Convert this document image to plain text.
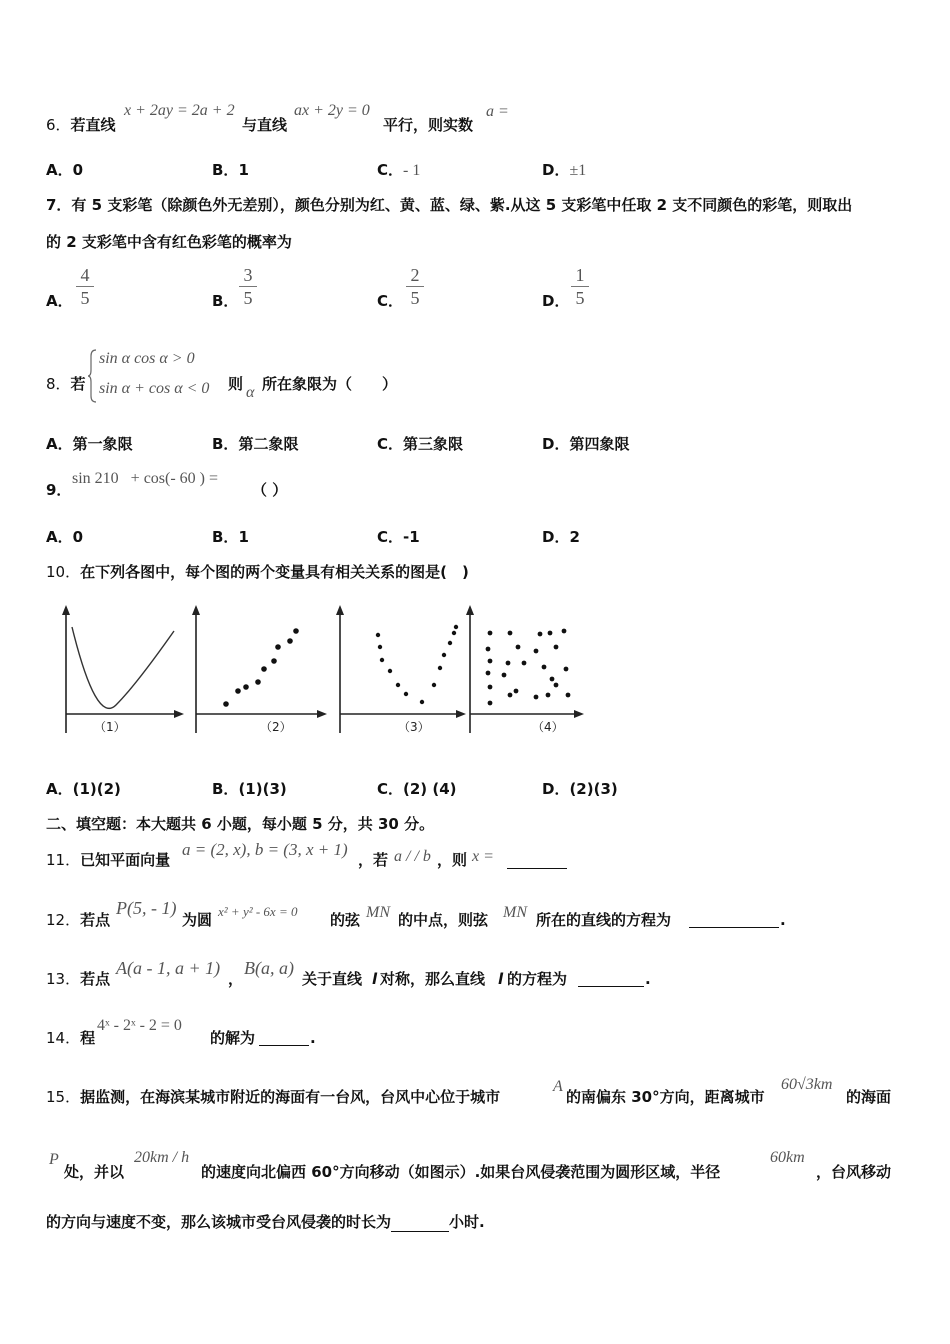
6．若直线
x + 2ay = 2a + 2
与直线
ax + 2y = 0
平行，则实数
a =
A．0	B．1	C．- 1	D．±1
7．有 5 支彩笔（除颜色外无差别），颜色分别为红、黄、蓝、绿、紫.从这 5 支彩笔中任取 2 支不同颜色的彩笔，则取出
的 2 支彩笔中含有红色彩笔的概率为
A． $\frac{4}{5}$	B． $\frac{3}{5}$	C． $\frac{2}{5}$	D． $\frac{1}{5}$
8．若
sin α cos α > 0
sin α + cos α < 0 则 α 所在象限为（　　）
A．第一象限	B．第二象限	C．第三象限	D．第四象限
9．
sin 210   + cos(- 60 ) =
（ ）
A．0	B．1	C．-1	D．2
10．在下列各图中，每个图的两个变量具有相关关系的图是(　)
（1）	（2）	（3）	（4）
A．(1)(2)	B．(1)(3)	C．(2) (4)	D．(2)(3)
二、填空题：本大题共 6 小题，每小题 5 分，共 30 分。
11．已知平面向量
a = (2, x), b = (3, x + 1)
，若 a / / b ，则 x =
12．若点
P(5, - 1)
为圆 x² + y² - 6x = 0 的弦 MN 的中点，则弦 MN 所在的直线的方程为	.
13．若点
A(a - 1, a + 1)
，
B(a, a)
关于直线 l 对称，那么直线 l 的方程为	.
14．程
4ˣ - 2ˣ - 2 = 0
的解为	.
15．据监测，在海滨某城市附近的海面有一台风，台风中心位于城市
A
的南偏东 30°方向，距离城市
60√3km
的海面
P
处，并以
20km / h
的速度向北偏西 60°方向移动（如图示）.如果台风侵袭范围为圆形区域，半径
60km
，台风移动
的方向与速度不变，那么该城市受台风侵袭的时长为	小时.
